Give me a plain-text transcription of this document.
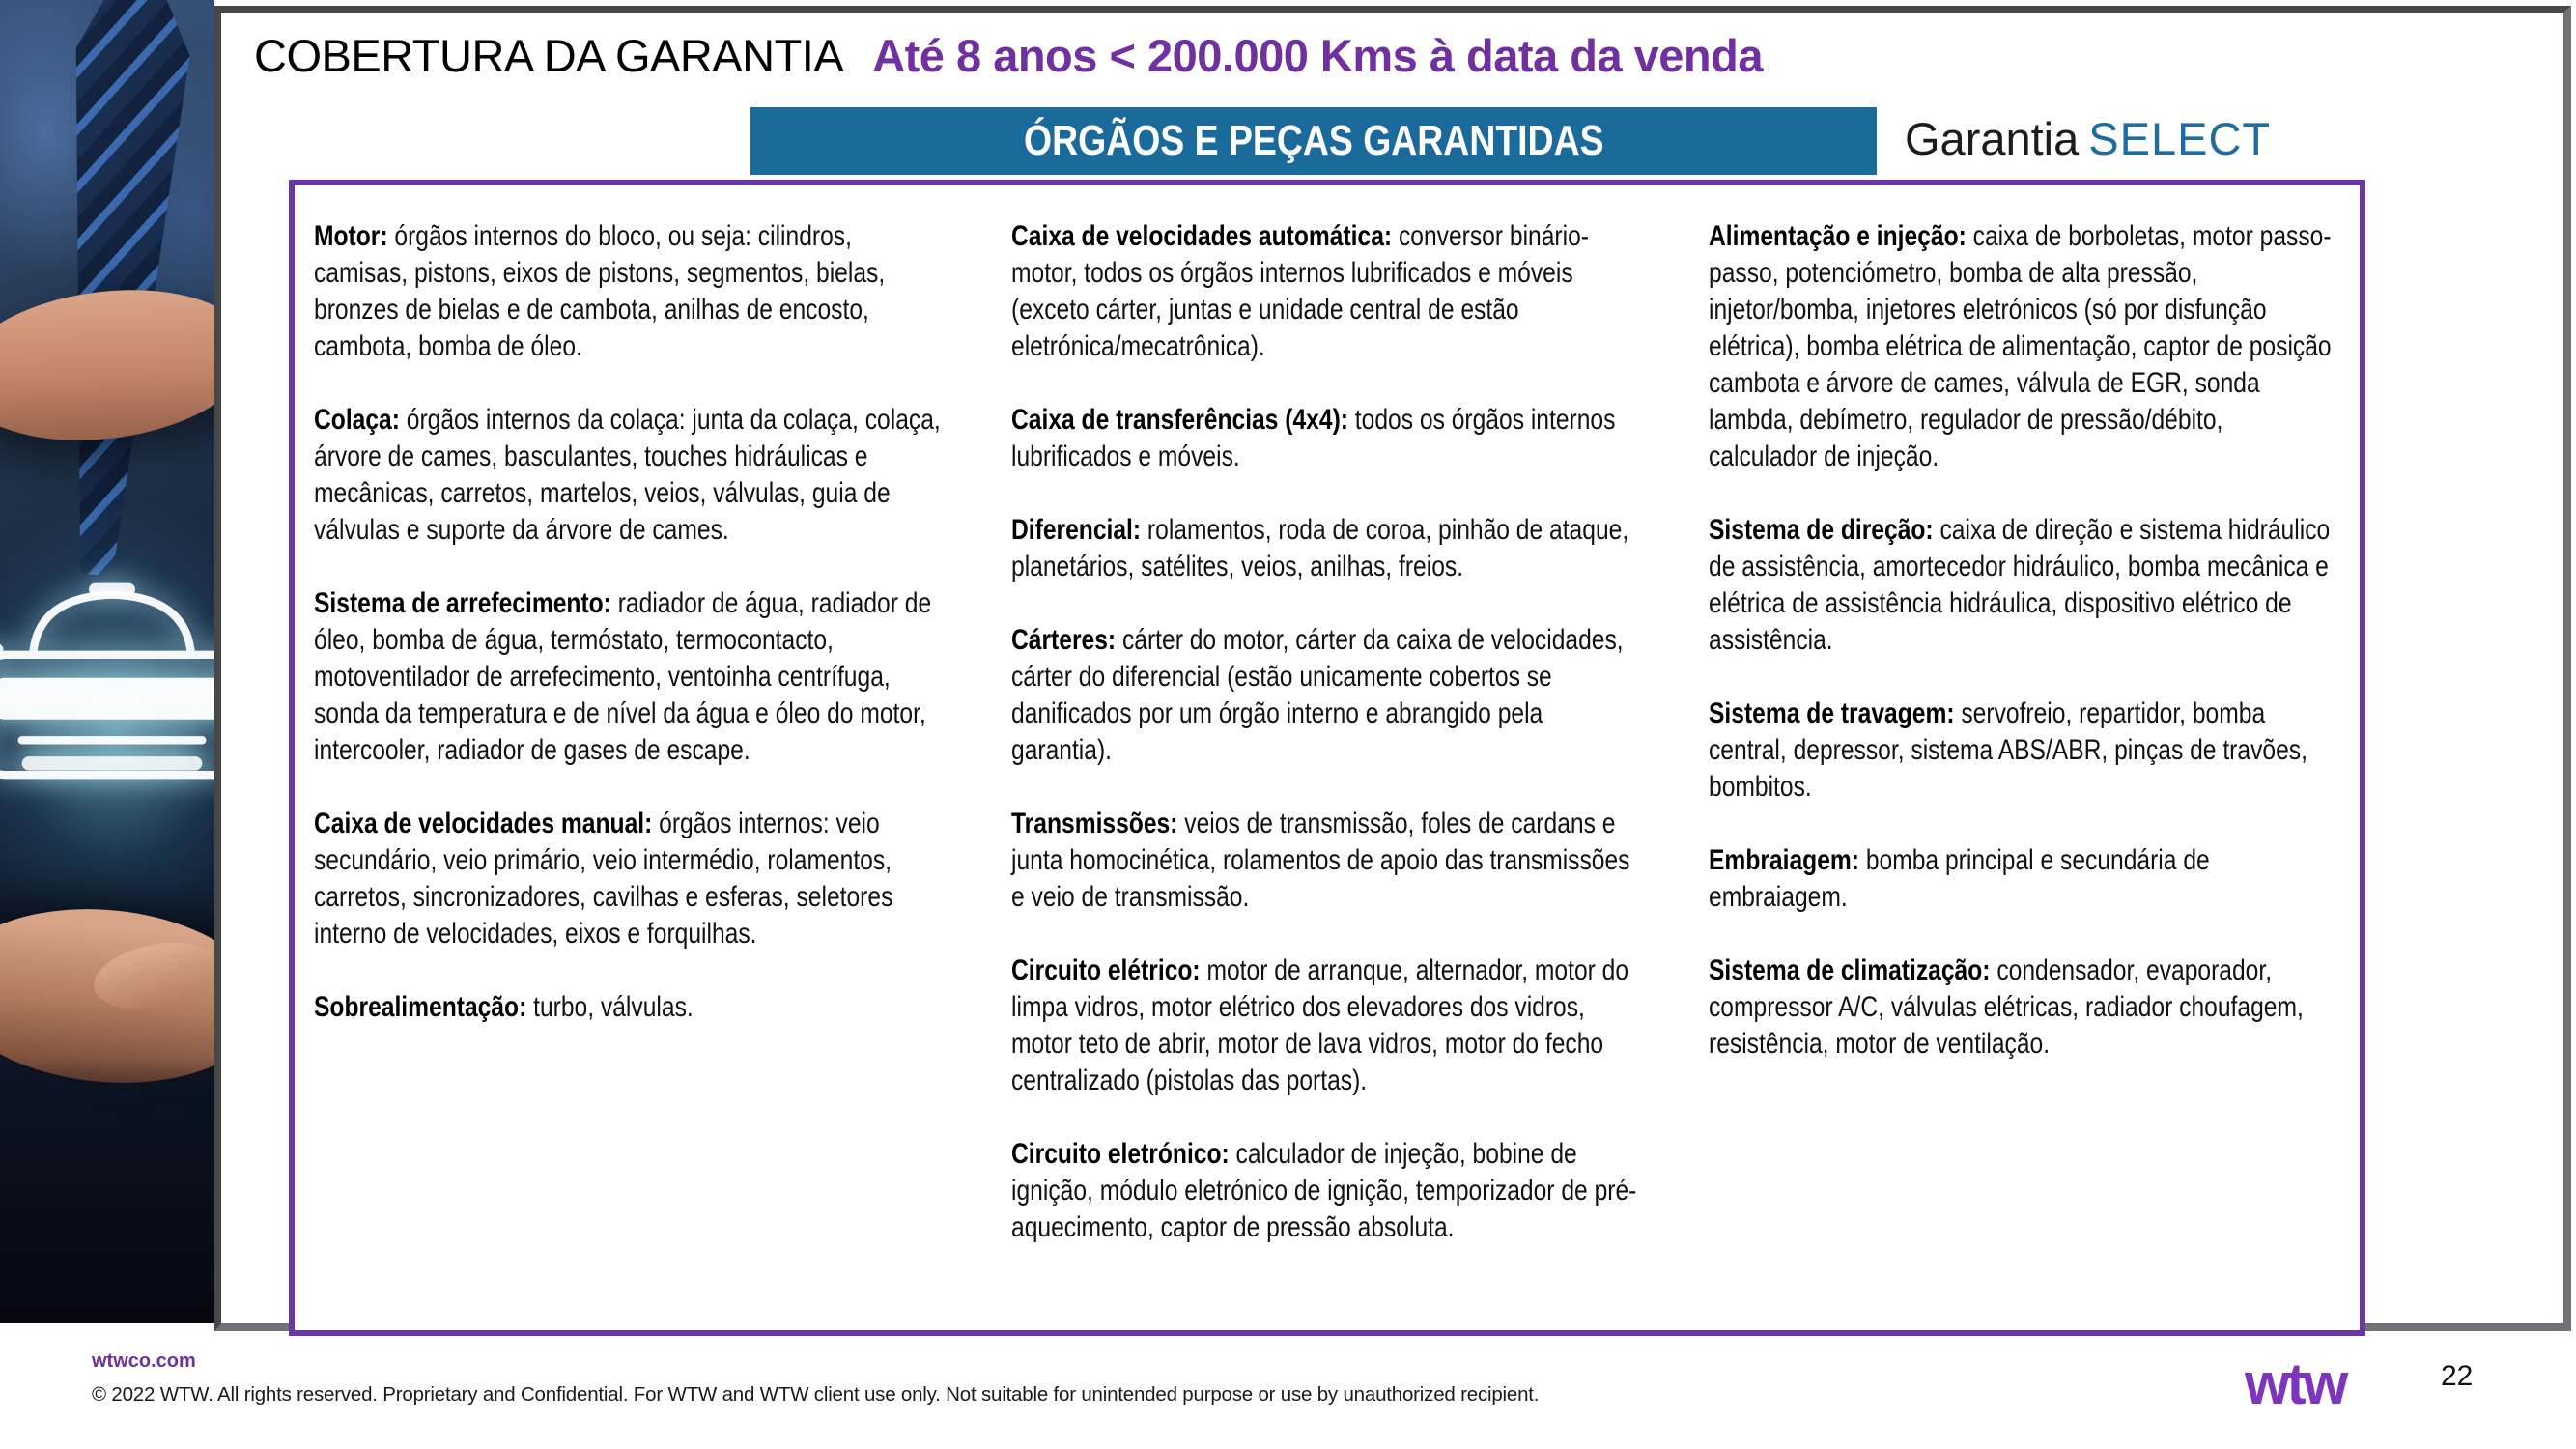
COBERTURA DA GARANTIA Até 8 anos < 200.000 Kms à data da venda
ÓRGÃOS E PEÇAS GARANTIDAS	Garantia SELECT

Motor: órgãos internos do bloco, ou seja: cilindros, camisas, pistons, eixos de pistons, segmentos, bielas, bronzes de bielas e de cambota, anilhas de encosto, cambota, bomba de óleo.

Colaça: órgãos internos da colaça: junta da colaça, colaça, árvore de cames, basculantes, touches hidráulicas e mecânicas, carretos, martelos, veios, válvulas, guia de válvulas e suporte da árvore de cames.

Sistema de arrefecimento: radiador de água, radiador de óleo, bomba de água, termóstato, termocontacto, motoventilador de arrefecimento, ventoinha centrífuga, sonda da temperatura e de nível da água e óleo do motor, intercooler, radiador de gases de escape.

Caixa de velocidades manual: órgãos internos: veio secundário, veio primário, veio intermédio, rolamentos, carretos, sincronizadores, cavilhas e esferas, seletores interno de velocidades, eixos e forquilhas.

Sobrealimentação: turbo, válvulas.

Caixa de velocidades automática: conversor binário-motor, todos os órgãos internos lubrificados e móveis (exceto cárter, juntas e unidade central de estão eletrónica/mecatrônica).

Caixa de transferências (4x4): todos os órgãos internos lubrificados e móveis.

Diferencial: rolamentos, roda de coroa, pinhão de ataque, planetários, satélites, veios, anilhas, freios.

Cárteres: cárter do motor, cárter da caixa de velocidades, cárter do diferencial (estão unicamente cobertos se danificados por um órgão interno e abrangido pela garantia).

Transmissões: veios de transmissão, foles de cardans e junta homocinética, rolamentos de apoio das transmissões e veio de transmissão.

Circuito elétrico: motor de arranque, alternador, motor do limpa vidros, motor elétrico dos elevadores dos vidros, motor teto de abrir, motor de lava vidros, motor do fecho centralizado (pistolas das portas).

Circuito eletrónico: calculador de injeção, bobine de ignição, módulo eletrónico de ignição, temporizador de pré-aquecimento, captor de pressão absoluta.

Alimentação e injeção: caixa de borboletas, motor passo-passo, potenciómetro, bomba de alta pressão, injetor/bomba, injetores eletrónicos (só por disfunção elétrica), bomba elétrica de alimentação, captor de posição cambota e árvore de cames, válvula de EGR, sonda lambda, debímetro, regulador de pressão/débito, calculador de injeção.

Sistema de direção: caixa de direção e sistema hidráulico de assistência, amortecedor hidráulico, bomba mecânica e elétrica de assistência hidráulica, dispositivo elétrico de assistência.

Sistema de travagem: servofreio, repartidor, bomba central, depressor, sistema ABS/ABR, pinças de travões, bombitos.

Embraiagem: bomba principal e secundária de embraiagem.

Sistema de climatização: condensador, evaporador, compressor A/C, válvulas elétricas, radiador choufagem, resistência, motor de ventilação.

wtwco.com
© 2022 WTW. All rights reserved. Proprietary and Confidential. For WTW and WTW client use only. Not suitable for unintended purpose or use by unauthorized recipient.	wtw	22
